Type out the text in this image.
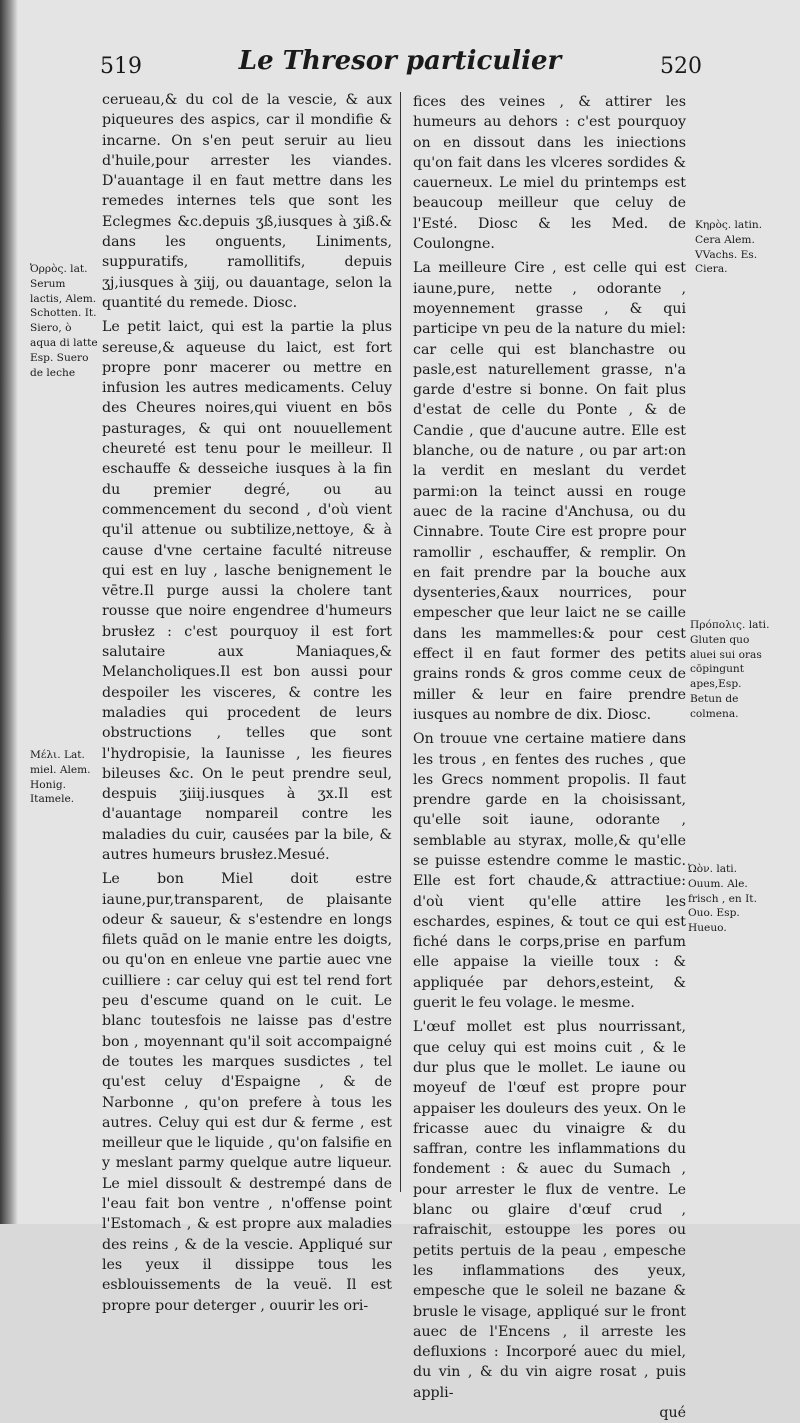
519	Le Thresor particulier	520

cerueau,& du col de la vescie, & aux piqueures des aspics, car il mondifie & incarne. On s'en peut seruir au lieu d'huile,pour arrester les viandes. D'auantage il en faut mettre dans les remedes internes tels que sont les Eclegmes &c.depuis ʒß,iusques à ʒiß.& dans les onguents, Liniments, suppuratifs, ramollitifs, depuis ʒj,iusques à ʒiij, ou dauantage, selon la quantité du remede. Diosc.

Le petit laict, qui est la partie la plus sereuse,& aqueuse du laict, est fort propre ponr macerer ou mettre en infusion les autres medicaments. Celuy des Cheures noires,qui viuent en bōs pasturages, & qui ont nouuellement cheureté est tenu pour le meilleur. Il eschauffe & desseiche iusques à la fin du premier degré, ou au commencement du second , d'où vient qu'il attenue ou subtilize,nettoye, & à cause d'vne certaine faculté nitreuse qui est en luy , lasche benignement le vētre.Il purge aussi la cholere tant rousse que noire engendree d'humeurs brusłez : c'est pourquoy il est fort salutaire aux Maniaques,& Melancholiques.Il est bon aussi pour despoiler les visceres, & contre les maladies qui procedent de leurs obstructions , telles que sont l'hydropisie, la Iaunisse , les fieures bileuses &c. On le peut prendre seul, despuis ʒiiij.iusques à ʒx.Il est d'auantage nompareil contre les maladies du cuir, causées par la bile, & autres humeurs brusłez.Mesué.

Le bon Miel doit estre iaune,pur,transparent, de plaisante odeur & saueur, & s'estendre en longs filets quād on le manie entre les doigts, ou qu'on en enleue vne partie auec vne cuilliere : car celuy qui est tel rend fort peu d'escume quand on le cuit. Le blanc toutesfois ne laisse pas d'estre bon , moyennant qu'il soit accompaigné de toutes les marques susdictes , tel qu'est celuy d'Espaigne , & de Narbonne , qu'on prefere à tous les autres. Celuy qui est dur & ferme , est meilleur que le liquide , qu'on falsifie en y meslant parmy quelque autre liqueur. Le miel dissoult & destrempé dans de l'eau fait bon ventre , n'offense point l'Estomach , & est propre aux maladies des reins , & de la vescie. Appliqué sur les yeux il dissippe tous les esblouissements de la veuë. Il est propre pour deterger , ouurir les ori-

fices des veines , & attirer les humeurs au dehors : c'est pourquoy on en dissout dans les iniections qu'on fait dans les vlceres sordides & cauerneux. Le miel du printemps est beaucoup meilleur que celuy de l'Esté. Diosc & les Med. de Coulongne.

La meilleure Cire , est celle qui est iaune,pure, nette , odorante , moyennement grasse , & qui participe vn peu de la nature du miel: car celle qui est blanchastre ou pasle,est naturellement grasse, n'a garde d'estre si bonne. On fait plus d'estat de celle du Ponte , & de Candie , que d'aucune autre. Elle est blanche, ou de nature , ou par art:on la verdit en meslant du verdet parmi:on la teinct aussi en rouge auec de la racine d'Anchusa, ou du Cinnabre. Toute Cire est propre pour ramollir , eschauffer, & remplir. On en fait prendre par la bouche aux dysenteries,&aux nourrices, pour empescher que leur laict ne se caille dans les mammelles:& pour cest effect il en faut former des petits grains ronds & gros comme ceux de miller & leur en faire prendre iusques au nombre de dix. Diosc.

On trouue vne certaine matiere dans les trous , en fentes des ruches , que les Grecs nomment propolis. Il faut prendre garde en la choisissant, qu'elle soit iaune, odorante , semblable au styrax, molle,& qu'elle se puisse estendre comme le mastic. Elle est fort chaude,& attractiue: d'où vient qu'elle attire les eschardes, espines, & tout ce qui est fiché dans le corps,prise en parfum elle appaise la vieille toux : & appliquée par dehors,esteint, & guerit le feu volage. le mesme.

L'œuf mollet est plus nourrissant, que celuy qui est moins cuit , & le dur plus que le mollet. Le iaune ou moyeuf de l'œuf est propre pour appaiser les douleurs des yeux. On le fricasse auec du vinaigre & du saffran, contre les inflammations du fondement : & auec du Sumach , pour arrester le flux de ventre. Le blanc ou glaire d'œuf crud , rafraischit, estouppe les pores ou petits pertuis de la peau , empesche les inflammations des yeux, empesche que le soleil ne bazane & brusle le visage, appliqué sur le front auec de l'Encens , il arreste les defluxions : Incorporé auec du miel, du vin , & du vin aigre rosat , puis appli-

qué

Ὀρρὸς. lat. Serum lactis, Alem. Schotten. It. Siero, ò aqua di latte Esp. Suero de leche
Μέλι. Lat. miel. Alem. Honig. Itamele.
Κηρὸς. latin. Cera Alem. VVachs. Es. Ciera.
Πρόπολις. lati. Gluten quo aluei sui oras cōpingunt apes,Esp. Betun de colmena.
Ὠὸν. lati. Ouum. Ale. frisch , en It. Ouo. Esp. Hueuo.
